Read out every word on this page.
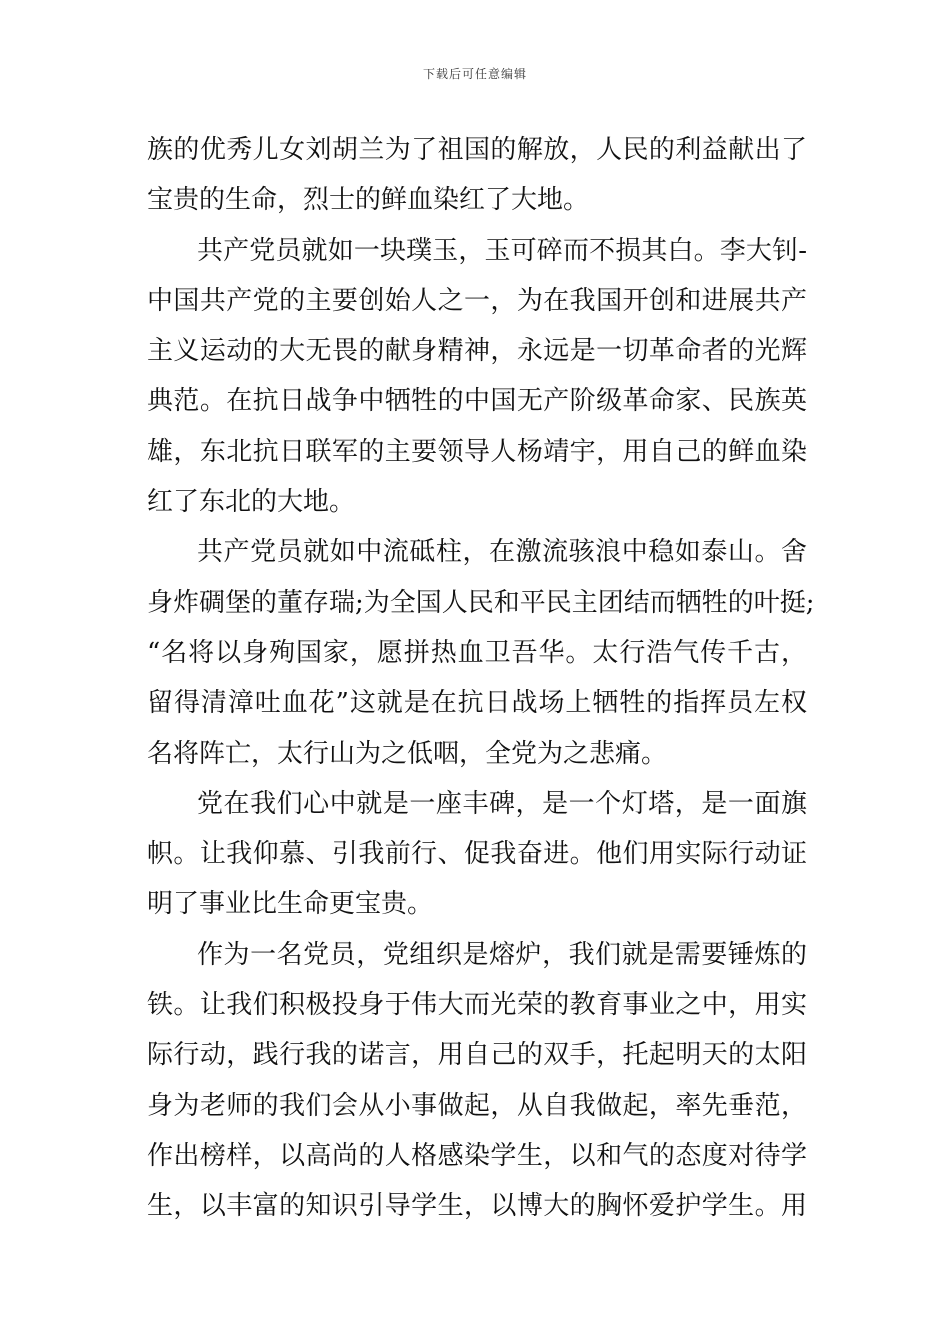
下载后可任意编辑
族的优秀儿女刘胡兰为了祖国的解放，人民的利益献出了
宝贵的生命，烈士的鲜血染红了大地。
共产党员就如一块璞玉，玉可碎而不损其白。李大钊-
中国共产党的主要创始人之一，为在我国开创和进展共产
主义运动的大无畏的献身精神，永远是一切革命者的光辉
典范。在抗日战争中牺牲的中国无产阶级革命家、民族英
雄，东北抗日联军的主要领导人杨靖宇，用自己的鲜血染
红了东北的大地。
共产党员就如中流砥柱，在激流骇浪中稳如泰山。舍
身炸碉堡的董存瑞;为全国人民和平民主团结而牺牲的叶挺;
“名将以身殉国家，愿拼热血卫吾华。太行浩气传千古，
留得清漳吐血花”这就是在抗日战场上牺牲的指挥员左权
名将阵亡，太行山为之低咽，全党为之悲痛。
党在我们心中就是一座丰碑，是一个灯塔，是一面旗
帜。让我仰慕、引我前行、促我奋进。他们用实际行动证
明了事业比生命更宝贵。
作为一名党员，党组织是熔炉，我们就是需要锤炼的
铁。让我们积极投身于伟大而光荣的教育事业之中，用实
际行动，践行我的诺言，用自己的双手，托起明天的太阳
身为老师的我们会从小事做起，从自我做起，率先垂范，
作出榜样，以高尚的人格感染学生，以和气的态度对待学
生，以丰富的知识引导学生，以博大的胸怀爱护学生。用
